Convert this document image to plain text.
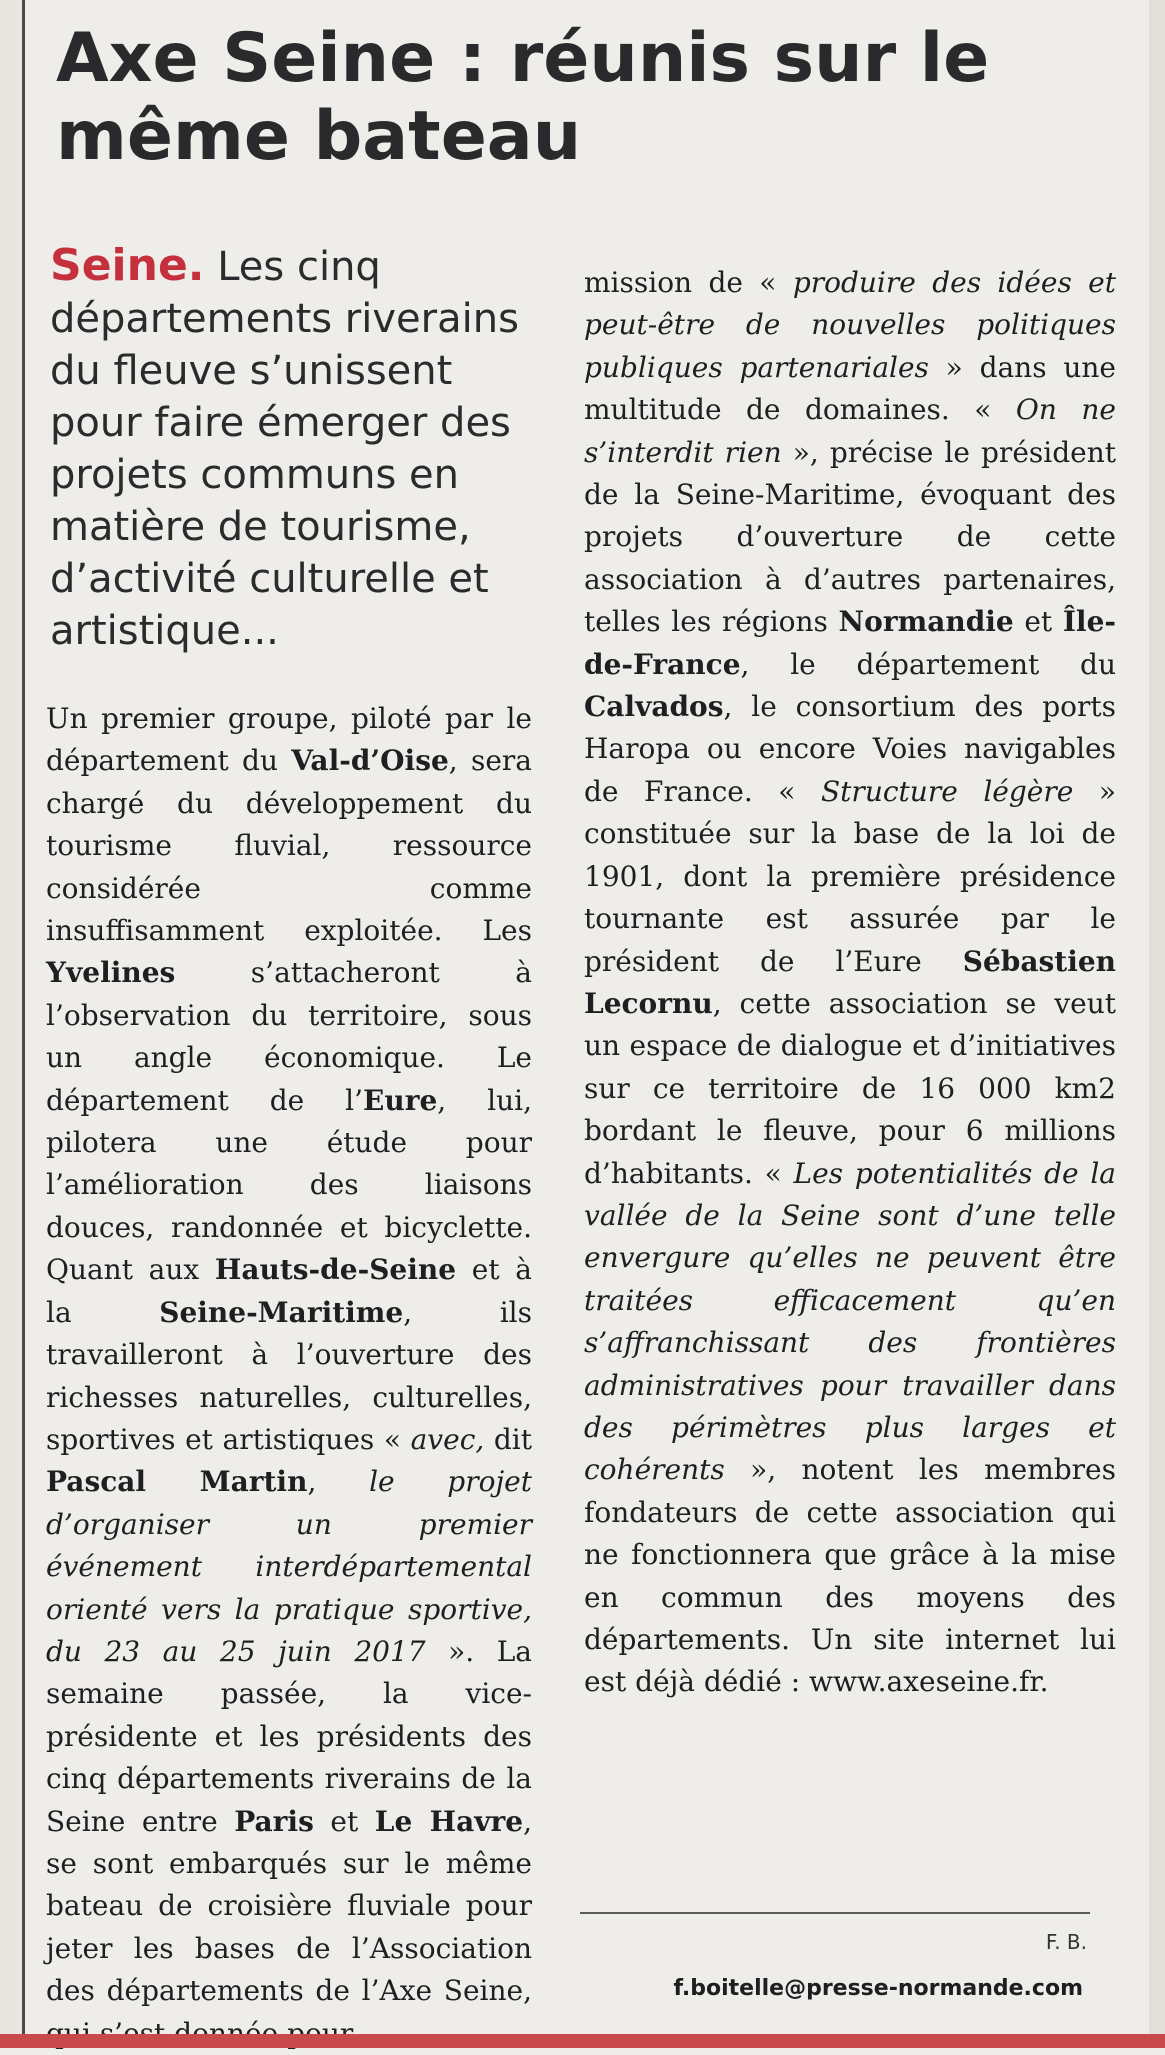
Axe Seine : réunis sur le même bateau

Seine. Les cinq départements riverains du fleuve s’unissent pour faire émerger des projets communs en matière de tourisme, d’activité culturelle et artistique...

Un premier groupe, piloté par le département du Val-d’Oise, sera chargé du développement du tourisme fluvial, ressource considérée comme insuffisamment exploitée. Les Yvelines s’attacheront à l’observation du territoire, sous un angle économique. Le département de l’Eure, lui, pilotera une étude pour l’amélioration des liaisons douces, randonnée et bicyclette. Quant aux Hauts-de-Seine et à la Seine-Maritime, ils travailleront à l’ouverture des richesses naturelles, culturelles, sportives et artistiques « avec, dit Pascal Martin, le projet d’organiser un premier événement interdépartemental orienté vers la pratique sportive, du 23 au 25 juin 2017 ». La semaine passée, la vice-présidente et les présidents des cinq départements riverains de la Seine entre Paris et Le Havre, se sont embarqués sur le même bateau de croisière fluviale pour jeter les bases de l’Association des départements de l’Axe Seine,

mission de « produire des idées et peut-être de nouvelles politiques publiques partenariales » dans une multitude de domaines. « On ne s’interdit rien », précise le président de la Seine-Maritime, évoquant des projets d’ouverture de cette association à d’autres partenaires, telles les régions Normandie et Île-de-France, le département du Calvados, le consortium des ports Haropa ou encore Voies navigables de France. « Structure légère » constituée sur la base de la loi de 1901, dont la première présidence tournante est assurée par le président de l’Eure Sébastien Lecornu, cette association se veut un espace de dialogue et d’initiatives sur ce territoire de 16 000 km2 bordant le fleuve, pour 6 millions d’habitants. « Les potentialités de la vallée de la Seine sont d’une telle envergure qu’elles ne peuvent être traitées efficacement qu’en s’affranchissant des frontières administratives pour travailler dans des périmètres plus larges et cohérents », notent les membres fondateurs de cette association qui ne fonctionnera que grâce à la mise en commun des moyens des départements. Un site internet lui est déjà dédié : www.axeseine.fr.

F. B.
f.boitelle@presse-normande.com
